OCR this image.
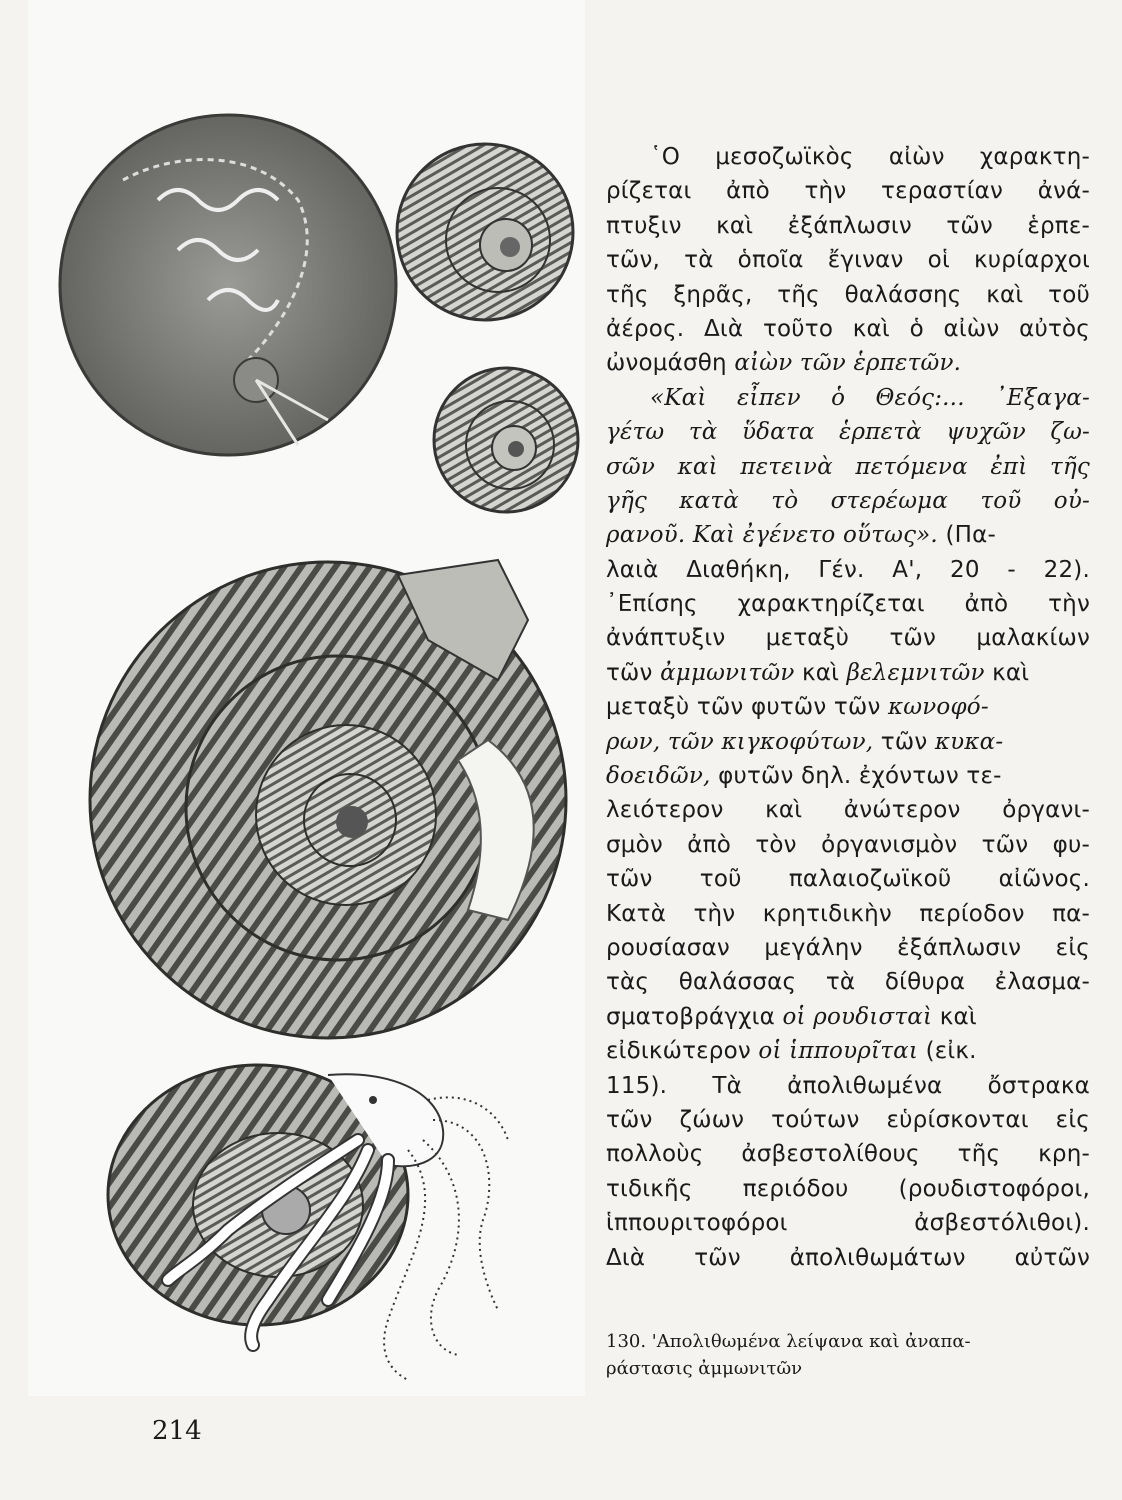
῾Ο μεσοζωϊκὸς αἰὼν χαρακτη-
ρίζεται ἀπὸ τὴν τεραστίαν ἀνά-
πτυξιν καὶ ἐξάπλωσιν τῶν ἑρπε-
τῶν, τὰ ὁποῖα ἔγιναν οἱ κυρίαρχοι
τῆς ξηρᾶς, τῆς θαλάσσης καὶ τοῦ
ἀέρος. Διὰ τοῦτο καὶ ὁ αἰὼν αὐτὸς
ὠνομάσθη αἰὼν τῶν ἑρπετῶν.
«Καὶ εἶπεν ὁ Θεός:... ᾿Εξαγα-
γέτω τὰ ὕδατα ἑρπετὰ ψυχῶν ζω-
σῶν καὶ πετεινὰ πετόμενα ἐπὶ τῆς
γῆς κατὰ τὸ στερέωμα τοῦ οὐ-
ρανοῦ. Καὶ ἐγένετο οὕτως». (Πα-
λαιὰ Διαθήκη, Γέν. Α', 20 - 22).
᾿Επίσης χαρακτηρίζεται ἀπὸ τὴν
ἀνάπτυξιν μεταξὺ τῶν μαλακίων
τῶν ἀμμωνιτῶν καὶ βελεμνιτῶν καὶ
μεταξὺ τῶν φυτῶν τῶν κωνοφό-
ρων, τῶν κιγκοφύτων, τῶν κυκα-
δοειδῶν, φυτῶν δηλ. ἐχόντων τε-
λειότερον καὶ ἀνώτερον ὀργανι-
σμὸν ἀπὸ τὸν ὀργανισμὸν τῶν φυ-
τῶν τοῦ παλαιοζωϊκοῦ αἰῶνος.
Κατὰ τὴν κρητιδικὴν περίοδον πα-
ρουσίασαν μεγάλην ἐξάπλωσιν εἰς
τὰς θαλάσσας τὰ δίθυρα ἐλασμα-
σματοβράγχια οἱ ρουδισταὶ καὶ
εἰδικώτερον οἱ ἱππουρῖται (εἰκ.
115). Τὰ ἀπολιθωμένα ὄστρακα
τῶν ζώων τούτων εὑρίσκονται εἰς
πολλοὺς ἀσβεστολίθους τῆς κρη-
τιδικῆς περιόδου (ρουδιστοφόροι,
ἱππουριτοφόροι ἀσβεστόλιθοι).
Διὰ τῶν ἀπολιθωμάτων αὐτῶν
130. 'Απολιθωμένα λείψανα καὶ ἀναπα-
ράστασις ἀμμωνιτῶν
214
